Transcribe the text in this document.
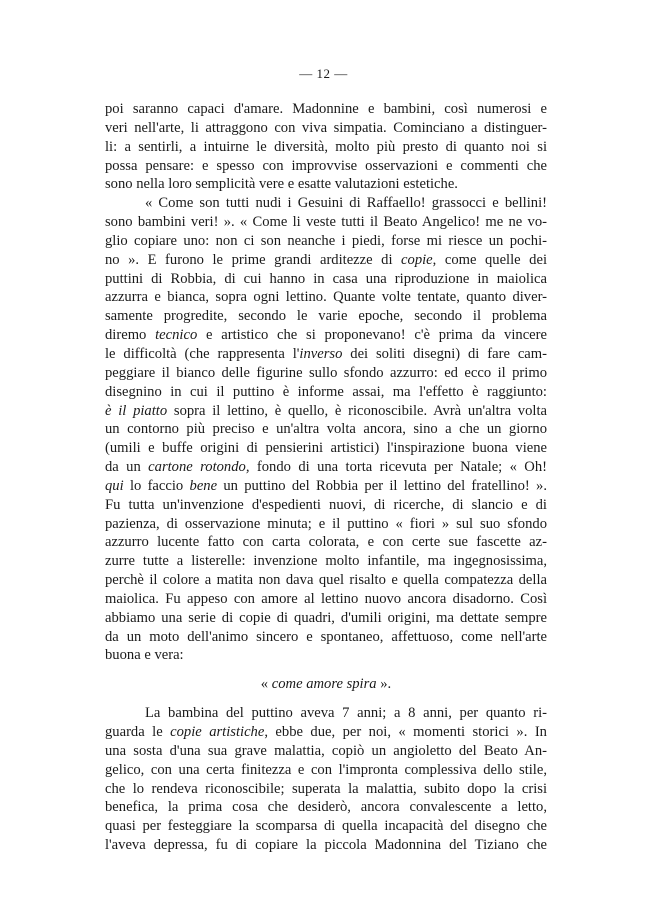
— 12 —
poi saranno capaci d'amare. Madonnine e bambini, così numerosi e
veri nell'arte, li attraggono con viva simpatia. Cominciano a distinguer-
li: a sentirli, a intuirne le diversità, molto più presto di quanto noi si
possa pensare: e spesso con improvvise osservazioni e commenti che
sono nella loro semplicità vere e esatte valutazioni estetiche.
« Come son tutti nudi i Gesuini di Raffaello! grassocci e bellini!
sono bambini veri! ». « Come li veste tutti il Beato Angelico! me ne vo-
glio copiare uno: non ci son neanche i piedi, forse mi riesce un pochi-
no ». E furono le prime grandi arditezze di copie, come quelle dei
puttini di Robbia, di cui hanno in casa una riproduzione in maiolica
azzurra e bianca, sopra ogni lettino. Quante volte tentate, quanto diver-
samente progredite, secondo le varie epoche, secondo il problema
diremo tecnico e artistico che si proponevano! c'è prima da vincere
le difficoltà (che rappresenta l'inverso dei soliti disegni) di fare cam-
peggiare il bianco delle figurine sullo sfondo azzurro: ed ecco il primo
disegnino in cui il puttino è informe assai, ma l'effetto è raggiunto:
è il piatto sopra il lettino, è quello, è riconoscibile. Avrà un'altra volta
un contorno più preciso e un'altra volta ancora, sino a che un giorno
(umili e buffe origini di pensierini artistici) l'inspirazione buona viene
da un cartone rotondo, fondo di una torta ricevuta per Natale; « Oh!
qui lo faccio bene un puttino del Robbia per il lettino del fratellino! ».
Fu tutta un'invenzione d'espedienti nuovi, di ricerche, di slancio e di
pazienza, di osservazione minuta; e il puttino « fiori » sul suo sfondo
azzurro lucente fatto con carta colorata, e con certe sue fascette az-
zurre tutte a listerelle: invenzione molto infantile, ma ingegnosissima,
perchè il colore a matita non dava quel risalto e quella compatezza della
maiolica. Fu appeso con amore al lettino nuovo ancora disadorno. Così
abbiamo una serie di copie di quadri, d'umili origini, ma dettate sempre
da un moto dell'animo sincero e spontaneo, affettuoso, come nell'arte
buona e vera:
« come amore spira ».
La bambina del puttino aveva 7 anni; a 8 anni, per quanto ri-
guarda le copie artistiche, ebbe due, per noi, « momenti storici ». In
una sosta d'una sua grave malattia, copiò un angioletto del Beato An-
gelico, con una certa finitezza e con l'impronta complessiva dello stile,
che lo rendeva riconoscibile; superata la malattia, subito dopo la crisi
benefica, la prima cosa che desiderò, ancora convalescente a letto,
quasi per festeggiare la scomparsa di quella incapacità del disegno che
l'aveva depressa, fu di copiare la piccola Madonnina del Tiziano che
